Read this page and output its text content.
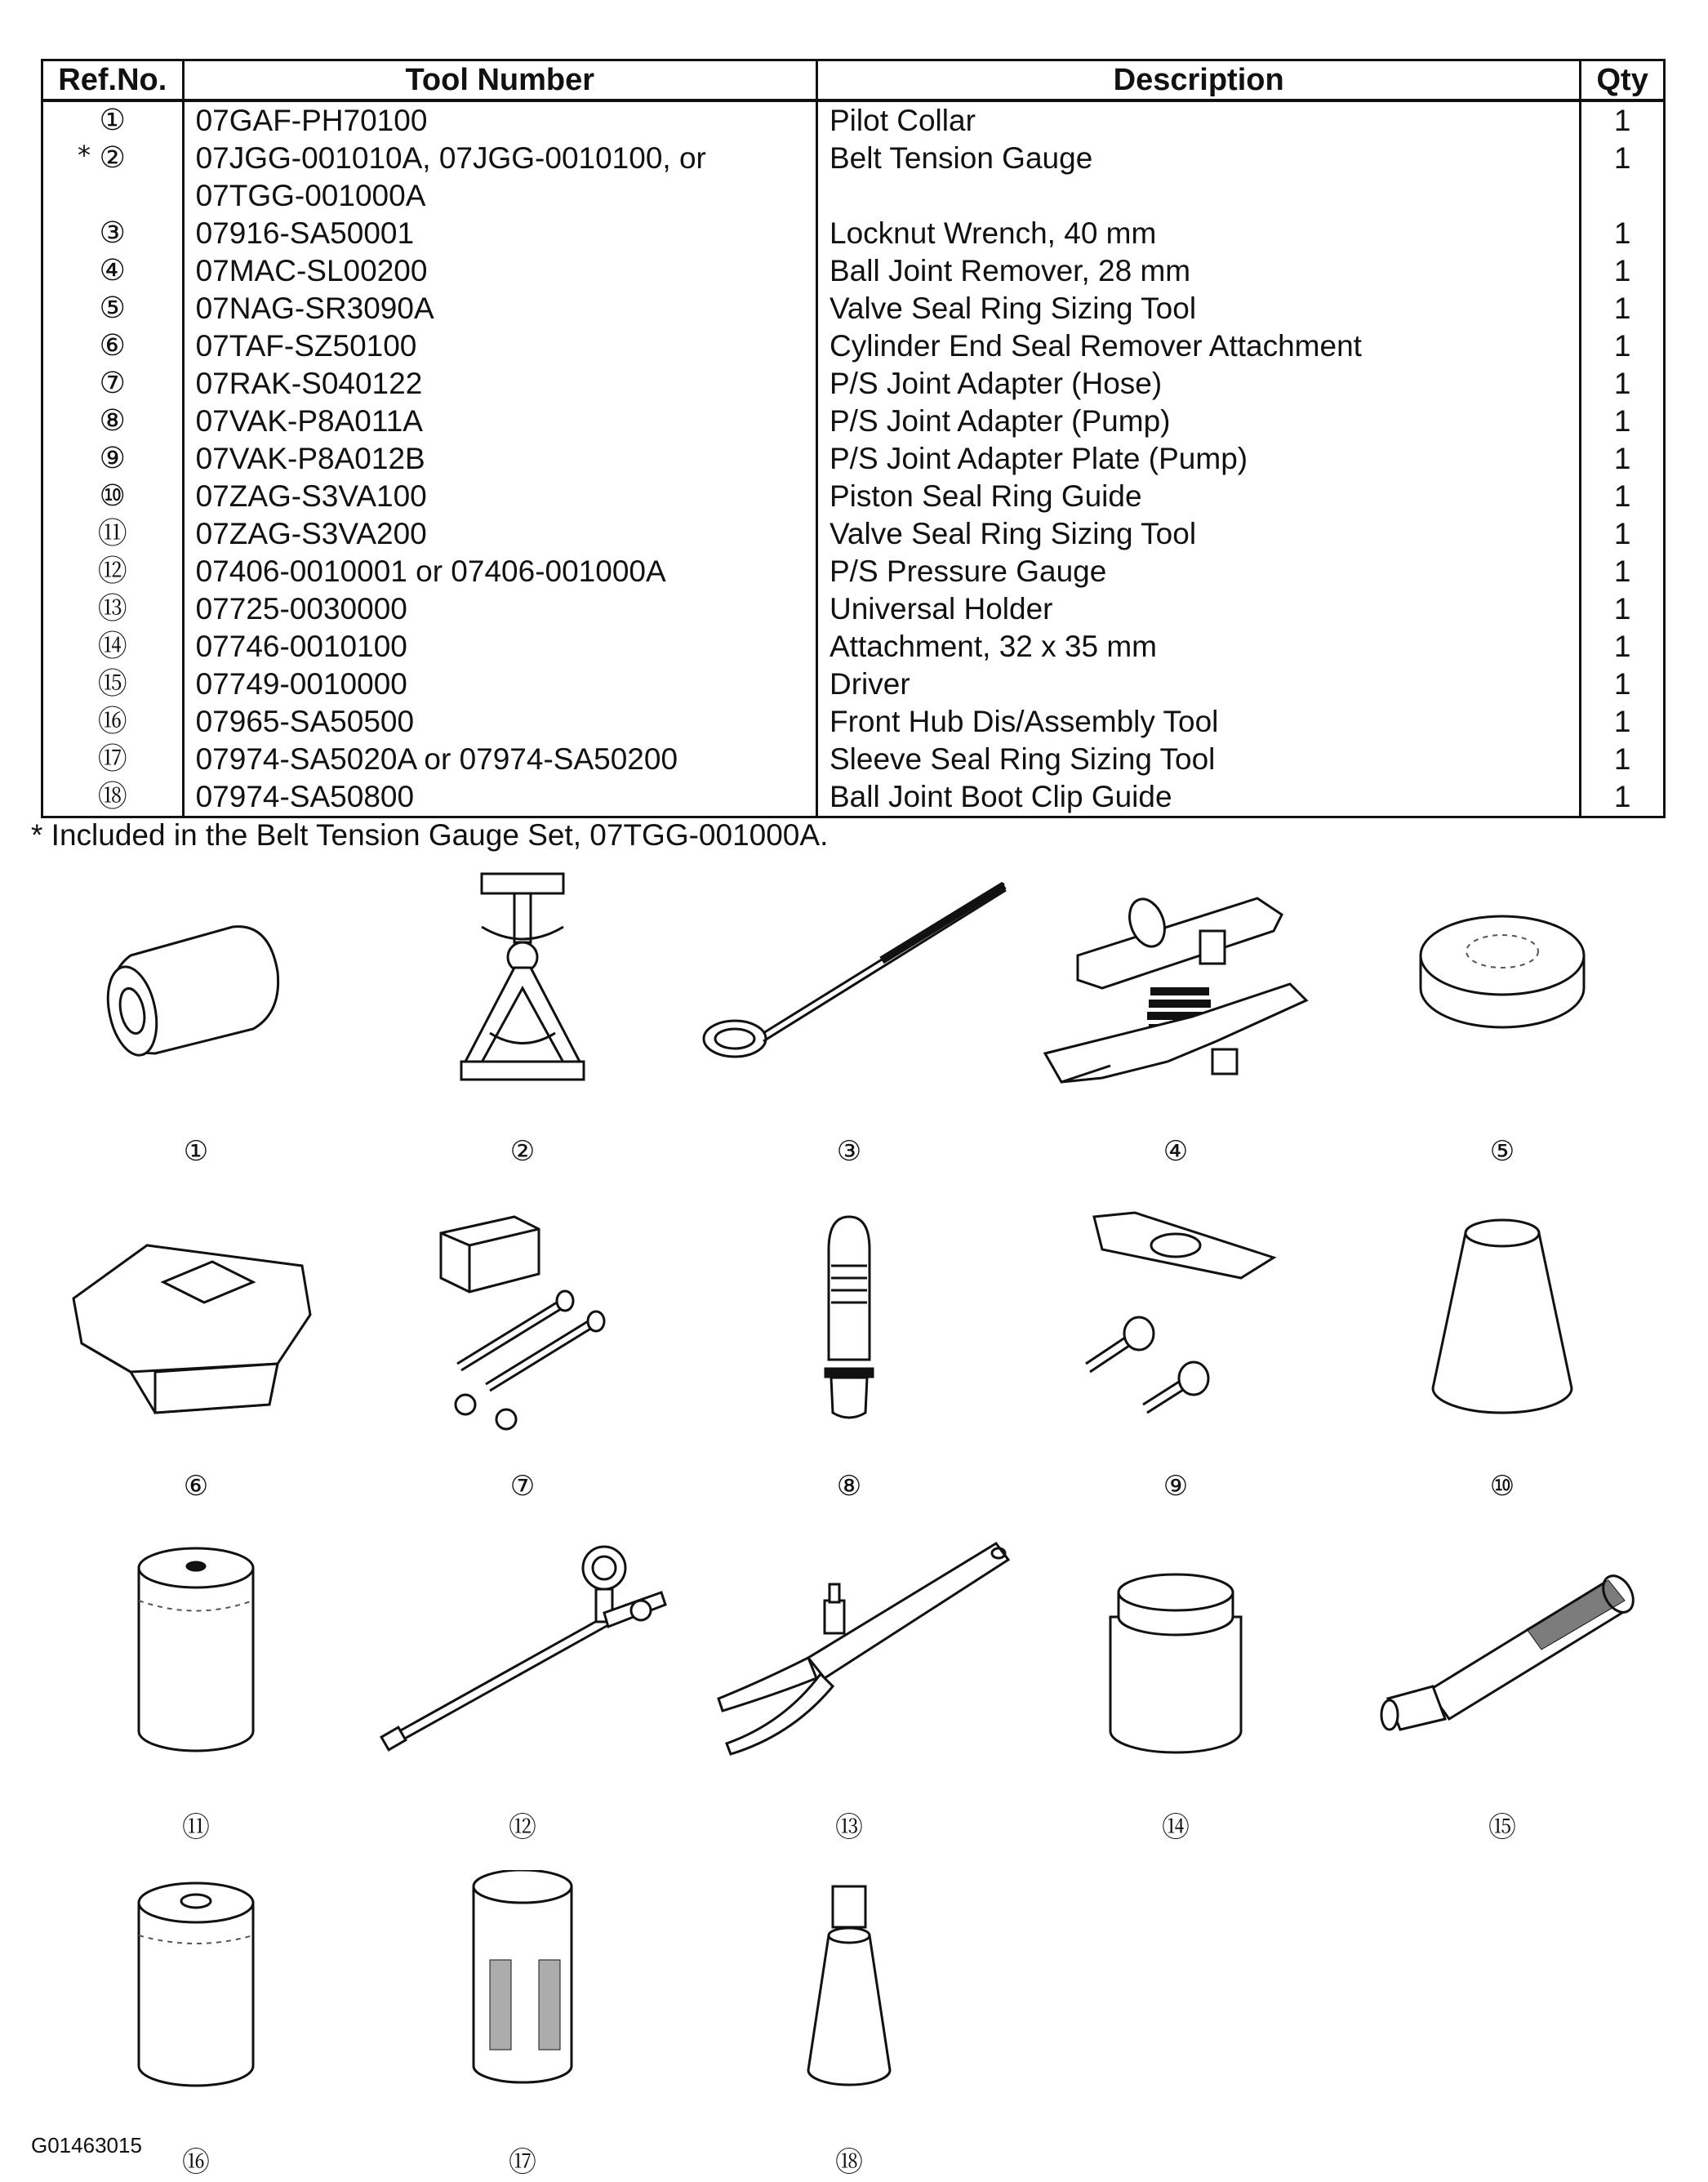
Ref.No.	Tool Number	Description	Qty
①	07GAF-PH70100	Pilot Collar	1

* ②	07JGG-001010A, 07JGG-0010100, or
07TGG-001000A	Belt Tension Gauge	1
③	07916-SA50001	Locknut Wrench, 40 mm	1
④	07MAC-SL00200	Ball Joint Remover, 28 mm	1
⑤	07NAG-SR3090A	Valve Seal Ring Sizing Tool	1
⑥	07TAF-SZ50100	Cylinder End Seal Remover Attachment	1
⑦	07RAK-S040122	P/S Joint Adapter (Hose)	1
⑧	07VAK-P8A011A	P/S Joint Adapter (Pump)	1
⑨	07VAK-P8A012B	P/S Joint Adapter Plate (Pump)	1
⑩	07ZAG-S3VA100	Piston Seal Ring Guide	1
⑪	07ZAG-S3VA200	Valve Seal Ring Sizing Tool	1
⑫	07406-0010001 or 07406-001000A	P/S Pressure Gauge	1
⑬	07725-0030000	Universal Holder	1
⑭	07746-0010100	Attachment, 32 x 35 mm	1
⑮	07749-0010000	Driver	1
⑯	07965-SA50500	Front Hub Dis/Assembly Tool	1
⑰	07974-SA5020A or 07974-SA50200	Sleeve Seal Ring Sizing Tool	1
⑱	07974-SA50800	Ball Joint Boot Clip Guide	1
* Included in the Belt Tension Gauge Set, 07TGG-001000A.
①	②	③	④	⑤
⑥	⑦	⑧	⑨	⑩
⑪	⑫	⑬	⑭	⑮
⑯	⑰	⑱
G01463015
